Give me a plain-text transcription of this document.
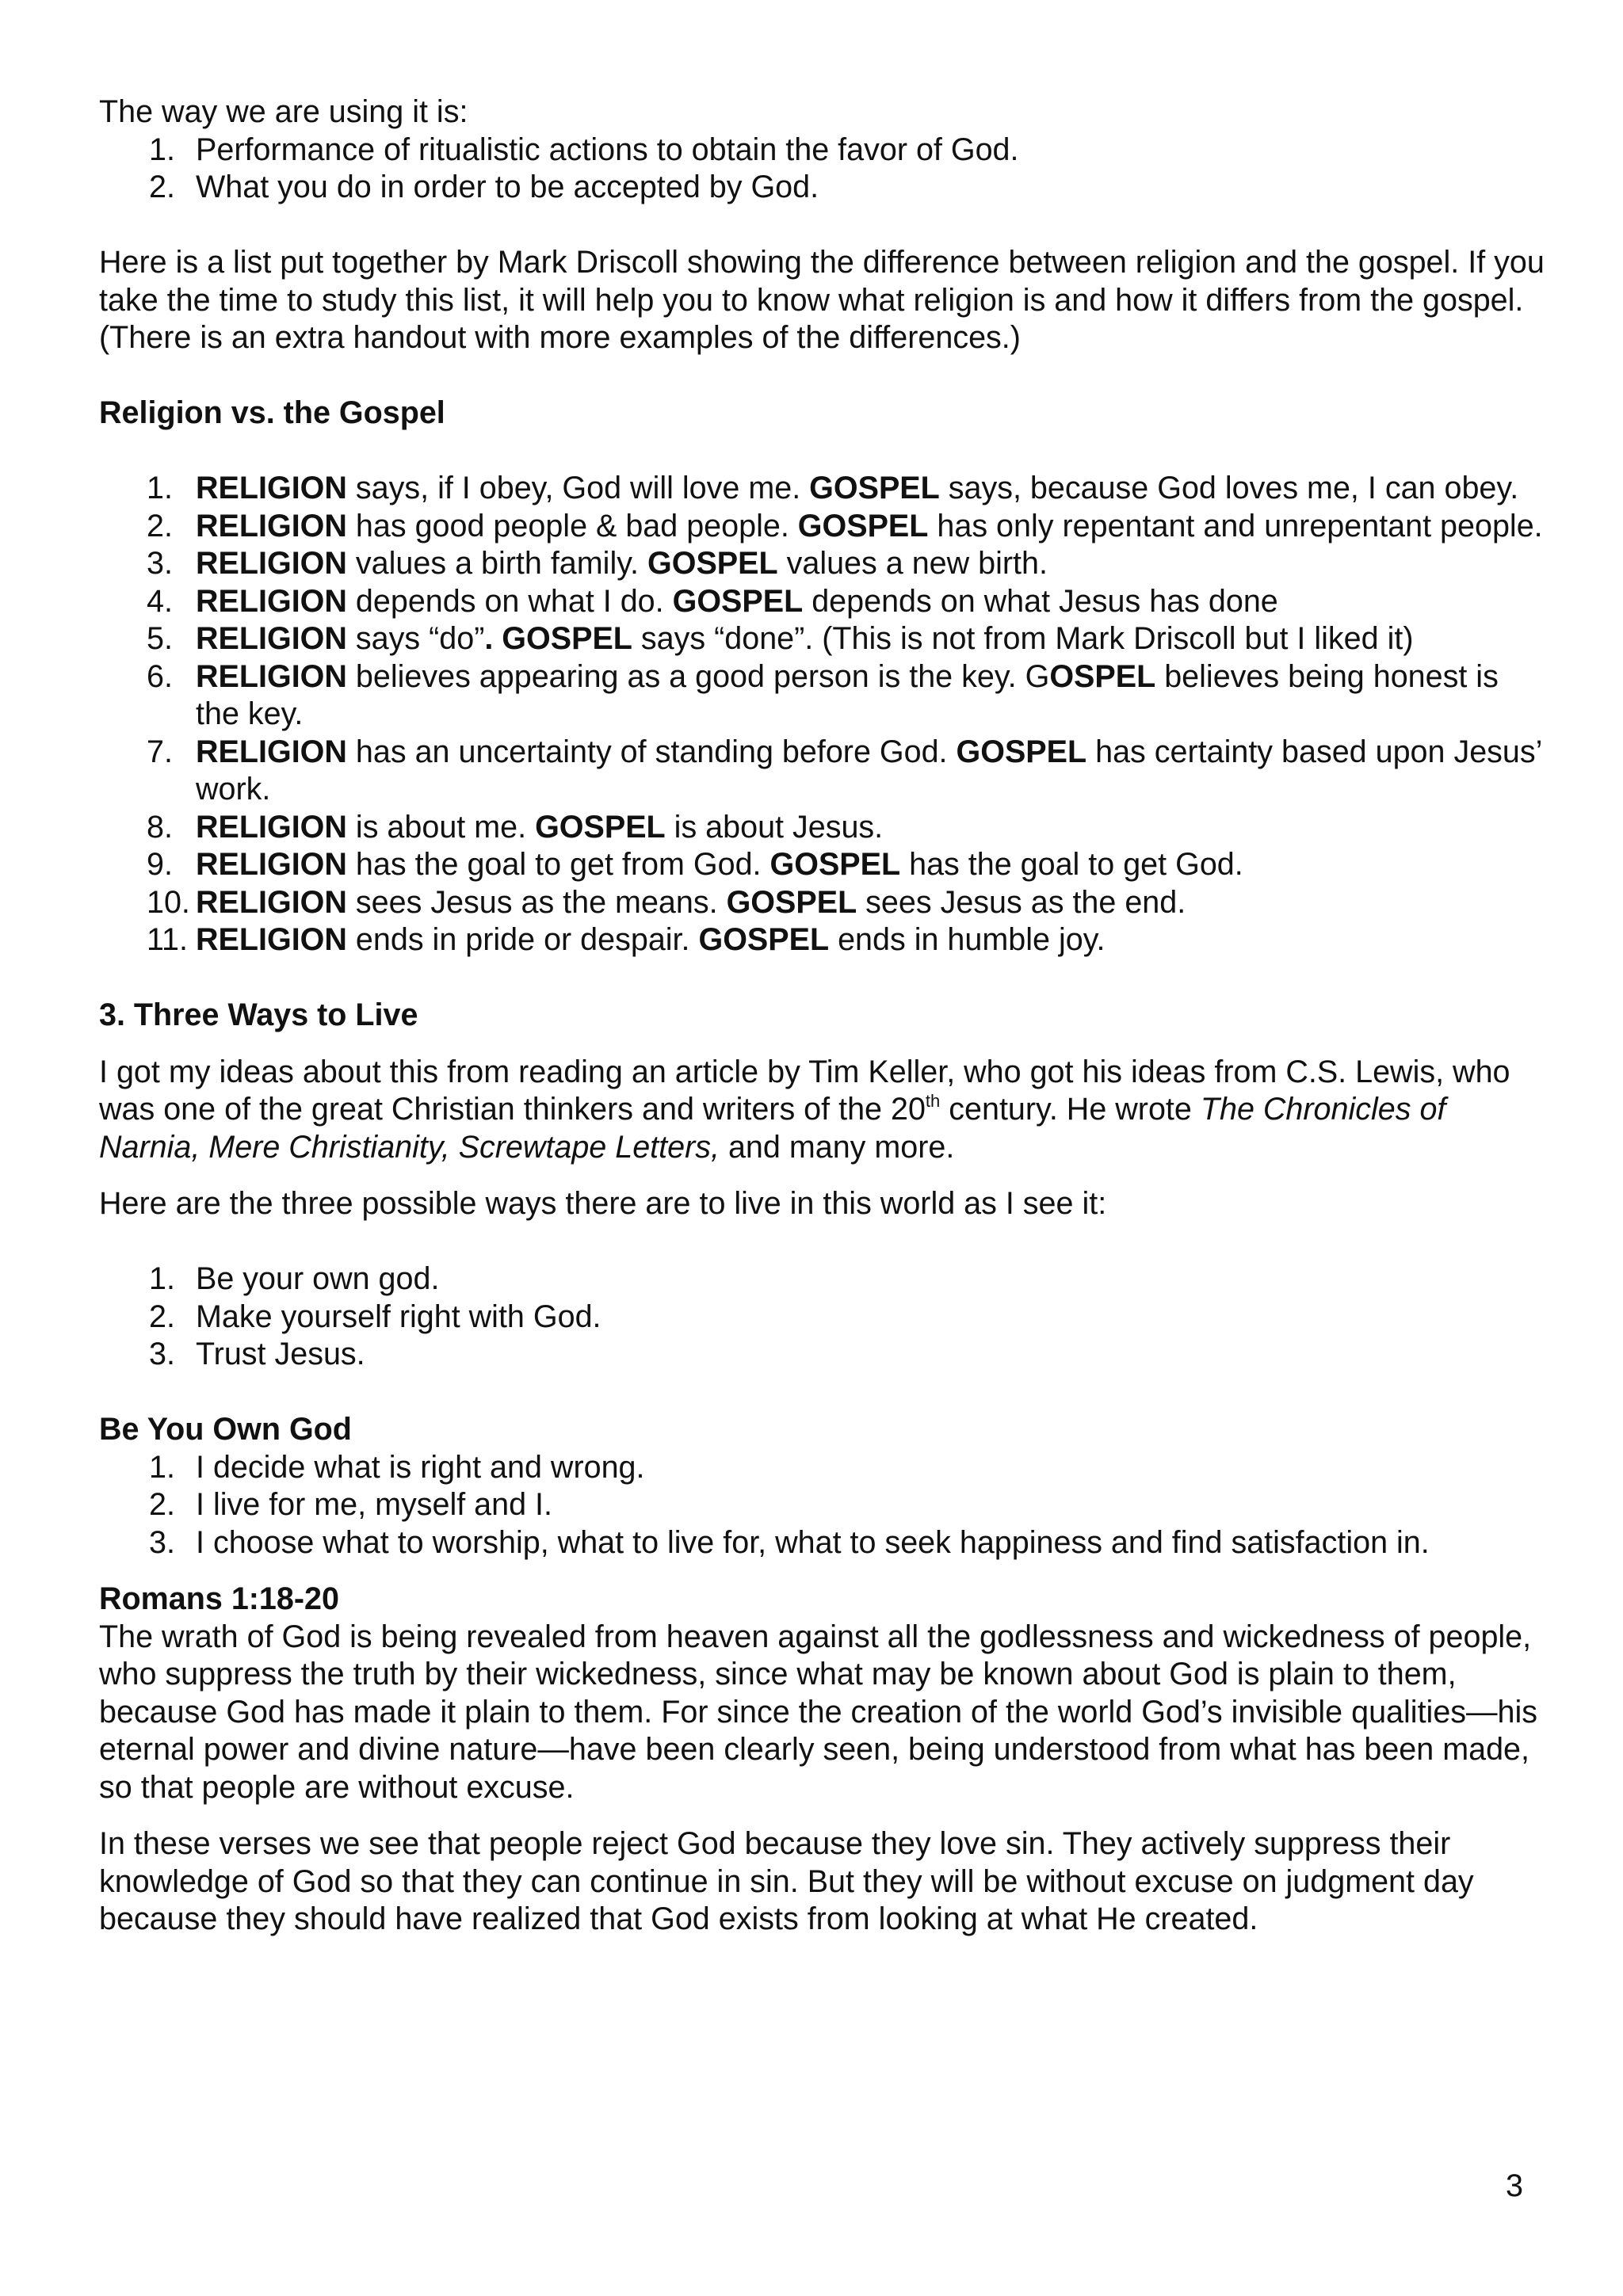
The way we are using it is:

1. Performance of ritualistic actions to obtain the favor of God.
2. What you do in order to be accepted by God.

Here is a list put together by Mark Driscoll showing the difference between religion and the gospel. If you take the time to study this list, it will help you to know what religion is and how it differs from the gospel. (There is an extra handout with more examples of the differences.)

Religion vs. the Gospel

1. RELIGION says, if I obey, God will love me. GOSPEL says, because God loves me, I can obey.
2. RELIGION has good people & bad people. GOSPEL has only repentant and unrepentant people.
3. RELIGION values a birth family. GOSPEL values a new birth.
4. RELIGION depends on what I do. GOSPEL depends on what Jesus has done
5. RELIGION says “do”. GOSPEL says “done”. (This is not from Mark Driscoll but I liked it)
6. RELIGION believes appearing as a good person is the key. GOSPEL believes being honest is the key.
7. RELIGION has an uncertainty of standing before God. GOSPEL has certainty based upon Jesus’ work.
8. RELIGION is about me. GOSPEL is about Jesus.
9. RELIGION has the goal to get from God. GOSPEL has the goal to get God.
10. RELIGION sees Jesus as the means. GOSPEL sees Jesus as the end.
11. RELIGION ends in pride or despair. GOSPEL ends in humble joy.

3. Three Ways to Live

I got my ideas about this from reading an article by Tim Keller, who got his ideas from C.S. Lewis, who was one of the great Christian thinkers and writers of the 20th century. He wrote The Chronicles of Narnia, Mere Christianity, Screwtape Letters, and many more.

Here are the three possible ways there are to live in this world as I see it:

1. Be your own god.
2. Make yourself right with God.
3. Trust Jesus.

Be You Own God

1. I decide what is right and wrong.
2. I live for me, myself and I.
3. I choose what to worship, what to live for, what to seek happiness and find satisfaction in.

Romans 1:18-20

The wrath of God is being revealed from heaven against all the godlessness and wickedness of people, who suppress the truth by their wickedness, since what may be known about God is plain to them, because God has made it plain to them. For since the creation of the world God’s invisible qualities—his eternal power and divine nature—have been clearly seen, being understood from what has been made, so that people are without excuse.

In these verses we see that people reject God because they love sin. They actively suppress their knowledge of God so that they can continue in sin. But they will be without excuse on judgment day because they should have realized that God exists from looking at what He created.

3
